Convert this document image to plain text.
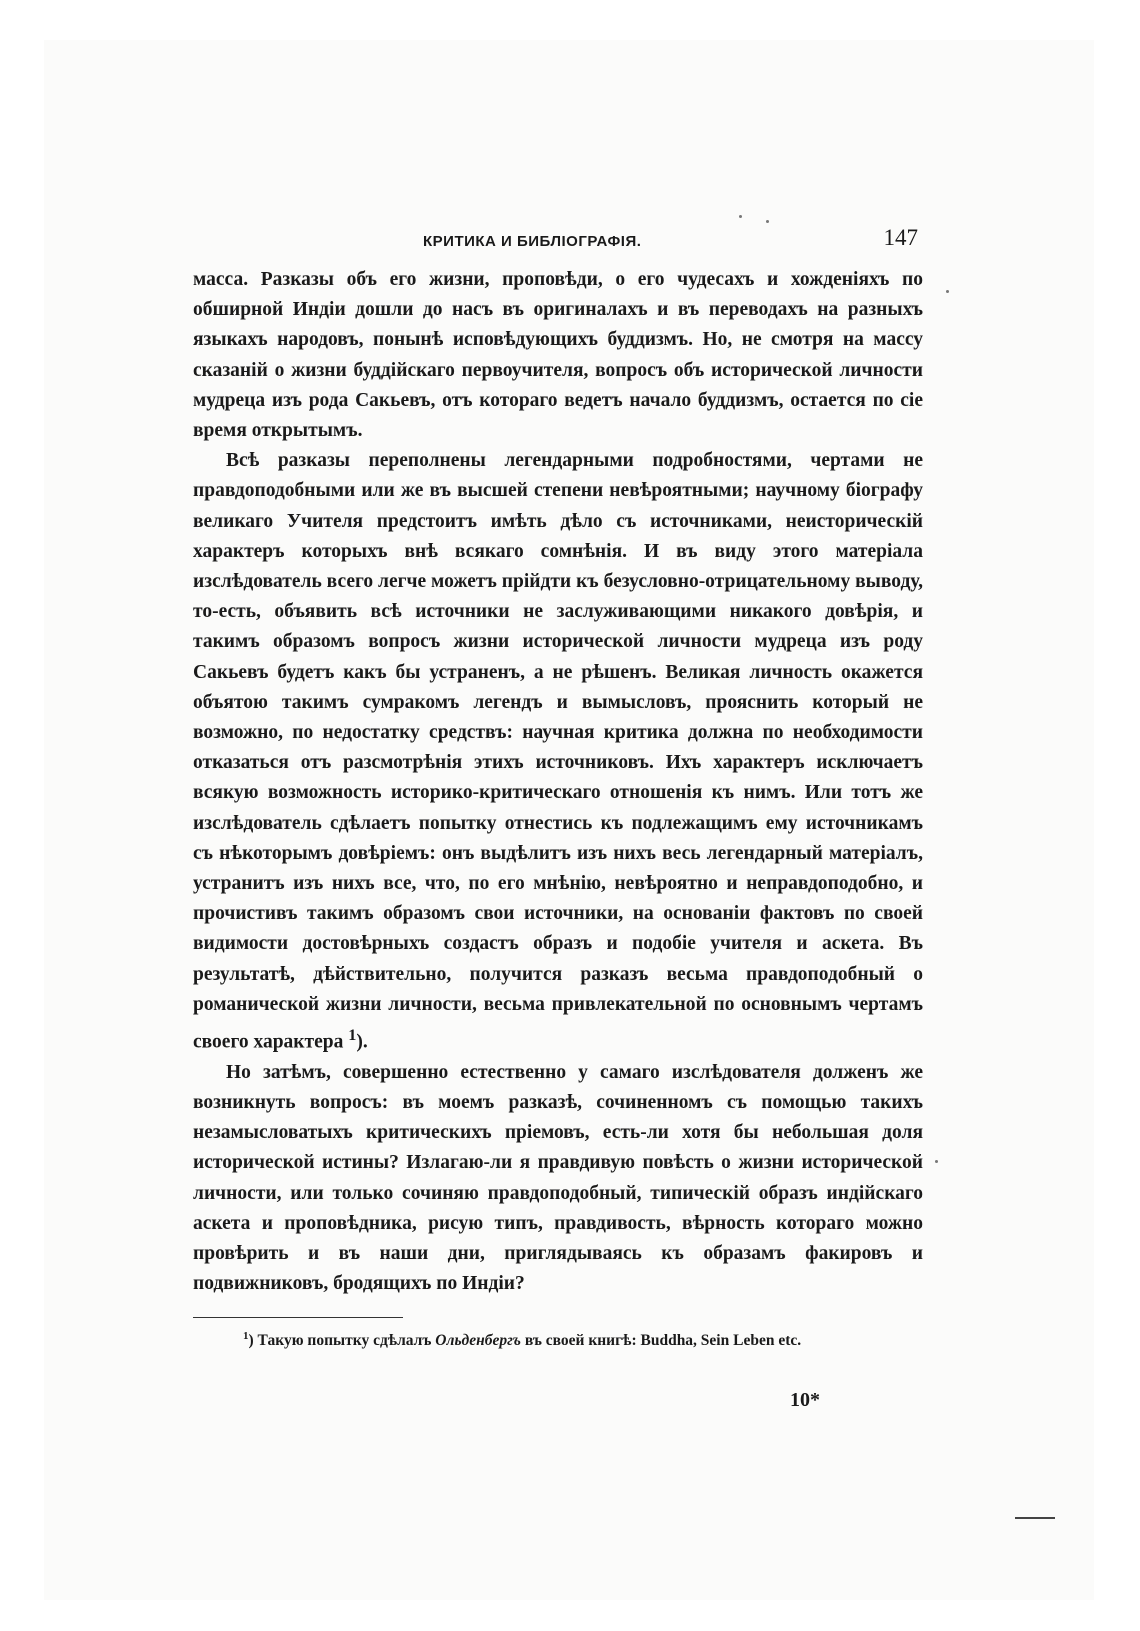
КРИТИКА И БИБЛІОГРАФІЯ.	147

масса. Разказы объ его жизни, проповѣди, о его чудесахъ и хожденіяхъ по обширной Индіи дошли до насъ въ оригиналахъ и въ переводахъ на разныхъ языкахъ народовъ, понынѣ исповѣдующихъ буддизмъ. Но, не смотря на массу сказаній о жизни буддійскаго первоучителя, вопросъ объ исторической личности мудреца изъ рода Сакьевъ, отъ котораго ведетъ начало буддизмъ, остается по сіе время открытымъ.

Всѣ разказы переполнены легендарными подробностями, чертами не правдоподобными или же въ высшей степени невѣроятными; научному біографу великаго Учителя предстоитъ имѣть дѣло съ источниками, неисторическій характеръ которыхъ внѣ всякаго сомнѣнія. И въ виду этого матеріала изслѣдователь всего легче можетъ прійдти къ безусловно-отрицательному выводу, то-есть, объявить всѣ источники не заслуживающими никакого довѣрія, и такимъ образомъ вопросъ жизни исторической личности мудреца изъ роду Сакьевъ будетъ какъ бы устраненъ, а не рѣшенъ. Великая личность окажется объятою такимъ сумракомъ легендъ и вымысловъ, прояснить который не возможно, по недостатку средствъ: научная критика должна по необходимости отказаться отъ разсмотрѣнія этихъ источниковъ. Ихъ характеръ исключаетъ всякую возможность историко-критическаго отношенія къ нимъ. Или тотъ же изслѣдователь сдѣлаетъ попытку отнестись къ подлежащимъ ему источникамъ съ нѣкоторымъ довѣріемъ: онъ выдѣлитъ изъ нихъ весь легендарный матеріалъ, устранитъ изъ нихъ все, что, по его мнѣнію, невѣроятно и неправдоподобно, и прочиcтивъ такимъ образомъ свои источники, на основаніи фактовъ по своей видимости достовѣрныхъ создастъ образъ и подобіе учителя и аскета. Въ результатѣ, дѣйствительно, получится разказъ весьма правдоподобный о романической жизни личности, весьма привлекательной по основнымъ чертамъ своего характера $^1$).

Но затѣмъ, совершенно естественно у самаго изслѣдователя долженъ же возникнуть вопросъ: въ моемъ разказѣ, сочиненномъ съ помощью такихъ незамысловатыхъ критическихъ пріемовъ, есть-ли хотя бы небольшая доля исторической истины? Излагаю-ли я правдивую повѣсть о жизни исторической личности, или только сочиняю правдоподобный, типическій образъ индійскаго аскета и проповѣдника, рисую типъ, правдивость, вѣрность котораго можно провѣрить и въ наши дни, приглядываясь къ образамъ факировъ и подвижниковъ, бродящихъ по Индіи?

$^1$) Такую попытку сдѣлалъ Ольденбергъ въ своей книгѣ: Buddha, Sein Leben etc.
10*
